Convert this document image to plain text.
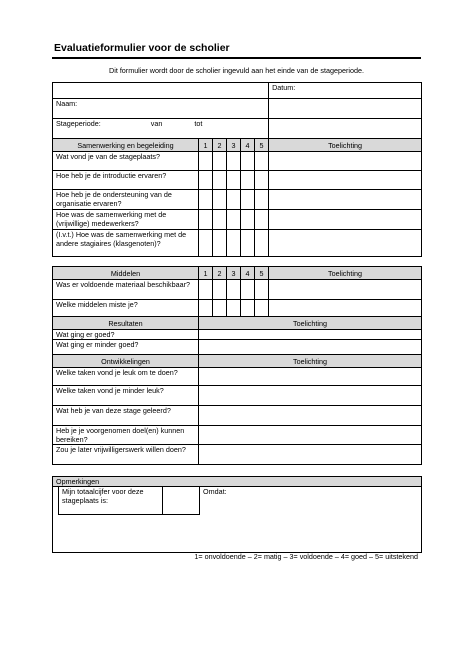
Evaluatieformulier voor de scholier
Dit formulier wordt door de scholier ingevuld aan het einde van de stageperiode.
						Datum:
Naam:						
Stageperiode: van tot						
Samenwerking en begeleiding	1	2	3	4	5	Toelichting
Wat vond je van de stageplaats?						
Hoe heb je de introductie ervaren?						
Hoe heb je de ondersteuning van de organisatie ervaren?						
Hoe was de samenwerking met de (vrijwillige) medewerkers?						
(I.v.t.) Hoe was de samenwerking met de andere stagiaires (klasgenoten)?						
Middelen	1	2	3	4	5	Toelichting
Was er voldoende materiaal beschikbaar?						
Welke middelen miste je?						
Resultaten	Toelichting					
Wat ging er goed?						
Wat ging er minder goed?						
Ontwikkelingen	Toelichting					
Welke taken vond je leuk om te doen?						
Welke taken vond je minder leuk?						
Wat heb je van deze stage geleerd?						
Heb je je voorgenomen doel(en) kunnen bereiken?						
Zou je later vrijwilligerswerk willen doen?						
Opmerkingen			
	Mijn totaalcijfer voor deze stageplaats is:		Omdat:

1= onvoldoende – 2= matig – 3= voldoende – 4= goed – 5= uitstekend
